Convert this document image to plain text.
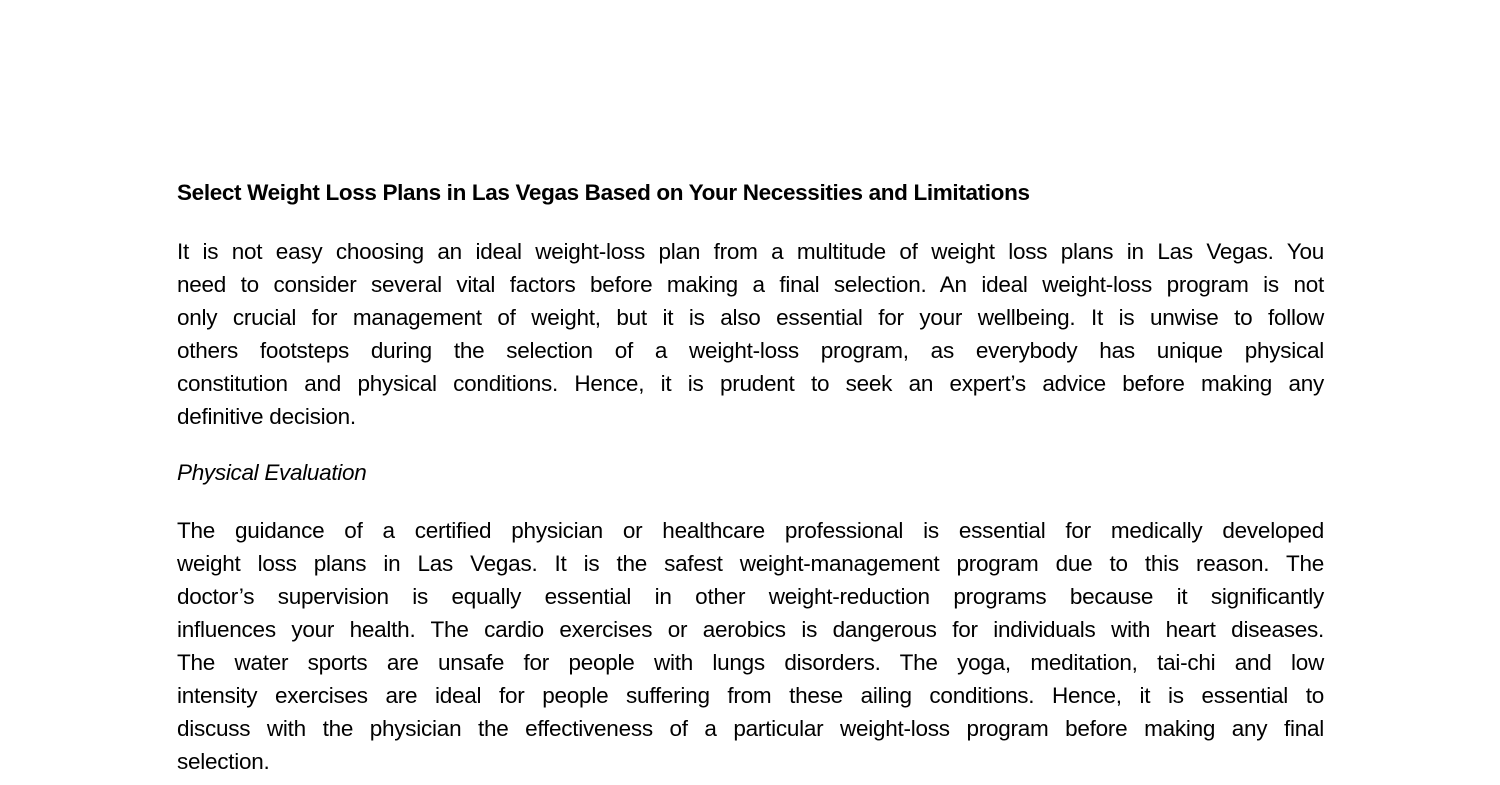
Select Weight Loss Plans in Las Vegas Based on Your Necessities and Limitations
It is not easy choosing an ideal weight-loss plan from a multitude of weight loss plans in Las Vegas. You
need to consider several vital factors before making a final selection. An ideal weight-loss program is not
only crucial for management of weight, but it is also essential for your wellbeing. It is unwise to follow
others footsteps during the selection of a weight-loss program, as everybody has unique physical
constitution and physical conditions. Hence, it is prudent to seek an expert’s advice before making any
definitive decision.
Physical Evaluation
The guidance of a certified physician or healthcare professional is essential for medically developed
weight loss plans in Las Vegas. It is the safest weight-management program due to this reason. The
doctor’s supervision is equally essential in other weight-reduction programs because it significantly
influences your health. The cardio exercises or aerobics is dangerous for individuals with heart diseases.
The water sports are unsafe for people with lungs disorders. The yoga, meditation, tai-chi and low
intensity exercises are ideal for people suffering from these ailing conditions. Hence, it is essential to
discuss with the physician the effectiveness of a particular weight-loss program before making any final
selection.
